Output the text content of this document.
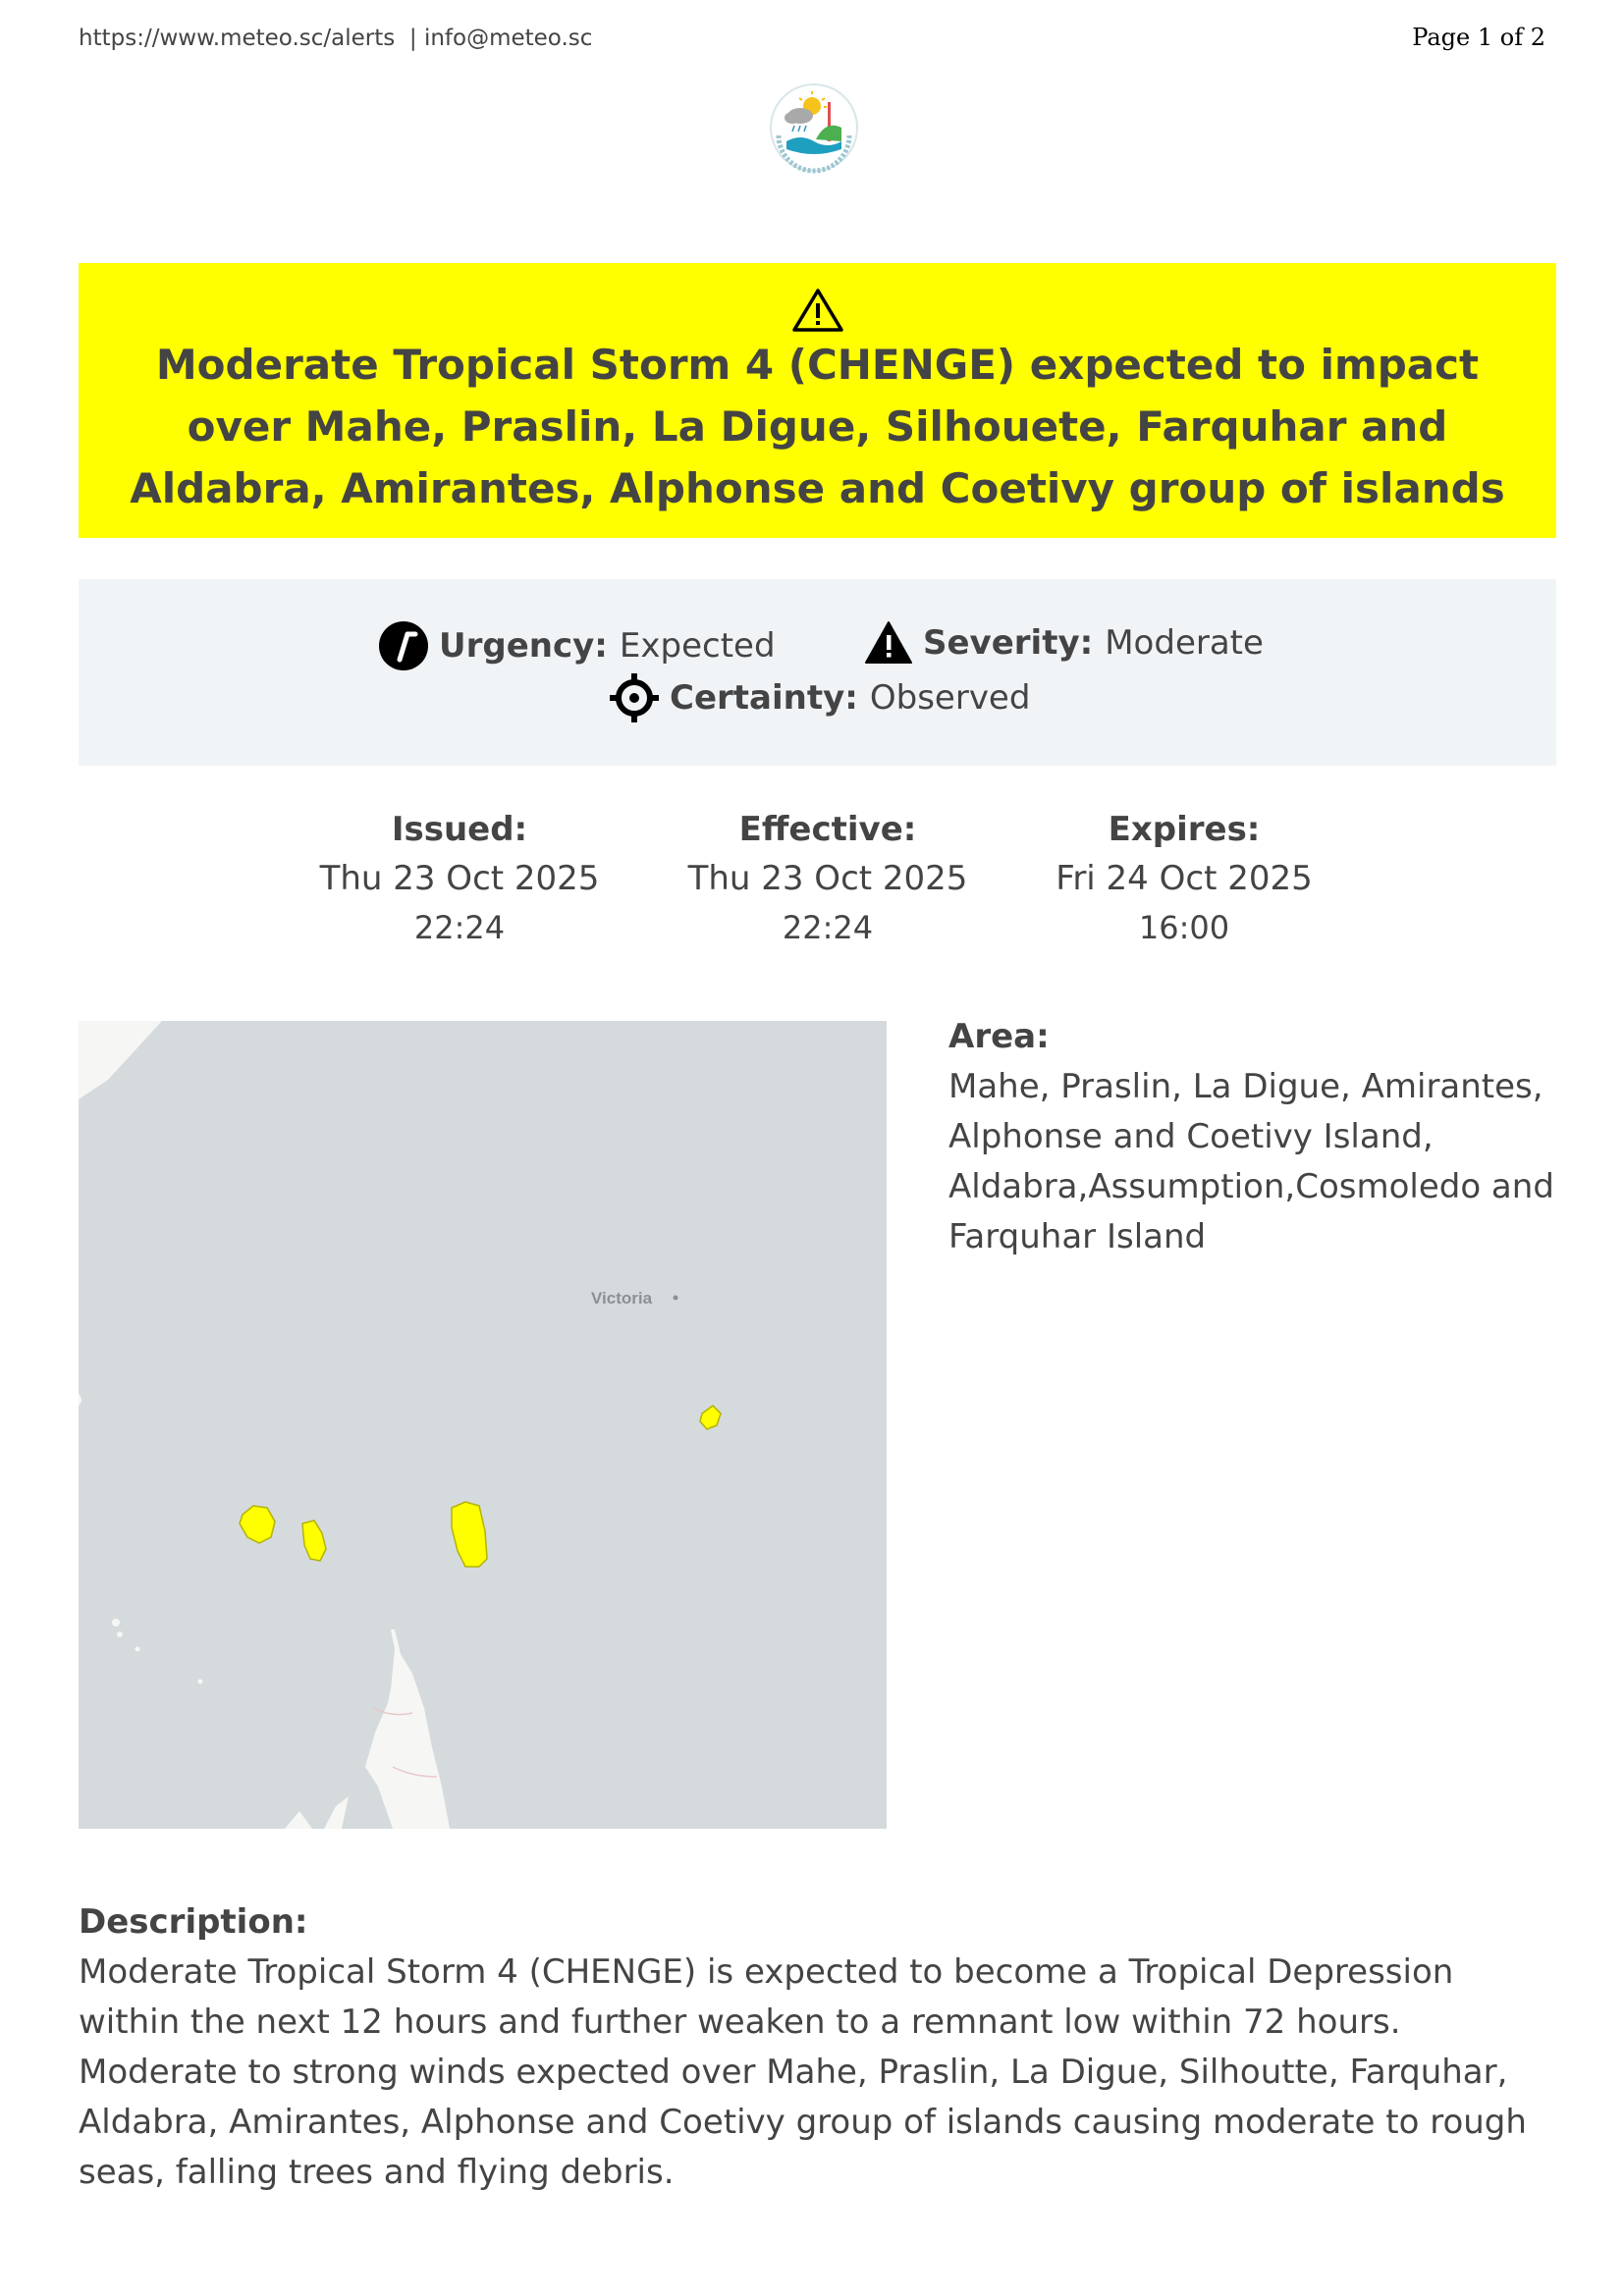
https://www.meteo.sc/alerts  | info@meteo.sc	Page 1 of 2
Moderate Tropical Storm 4 (CHENGE) expected to impact over Mahe, Praslin, La Digue, Silhouete, Farquhar and Aldabra, Amirantes, Alphonse and Coetivy group of islands
Urgency: Expected	Severity: Moderate
Certainty: Observed
Issued:
Thu 23 Oct 2025
22:24
Effective:
Thu 23 Oct 2025
22:24
Expires:
Fri 24 Oct 2025
16:00
Victoria
Area:
Mahe, Praslin, La Digue, Amirantes, Alphonse and Coetivy Island, Aldabra,Assumption,Cosmoledo and Farquhar Island
Description:
Moderate Tropical Storm 4 (CHENGE) is expected to become a Tropical Depression within the next 12 hours and further weaken to a remnant low within 72 hours. Moderate to strong winds expected over Mahe, Praslin, La Digue, Silhoutte, Farquhar, Aldabra, Amirantes, Alphonse and Coetivy group of islands causing moderate to rough seas, falling trees and flying debris.
